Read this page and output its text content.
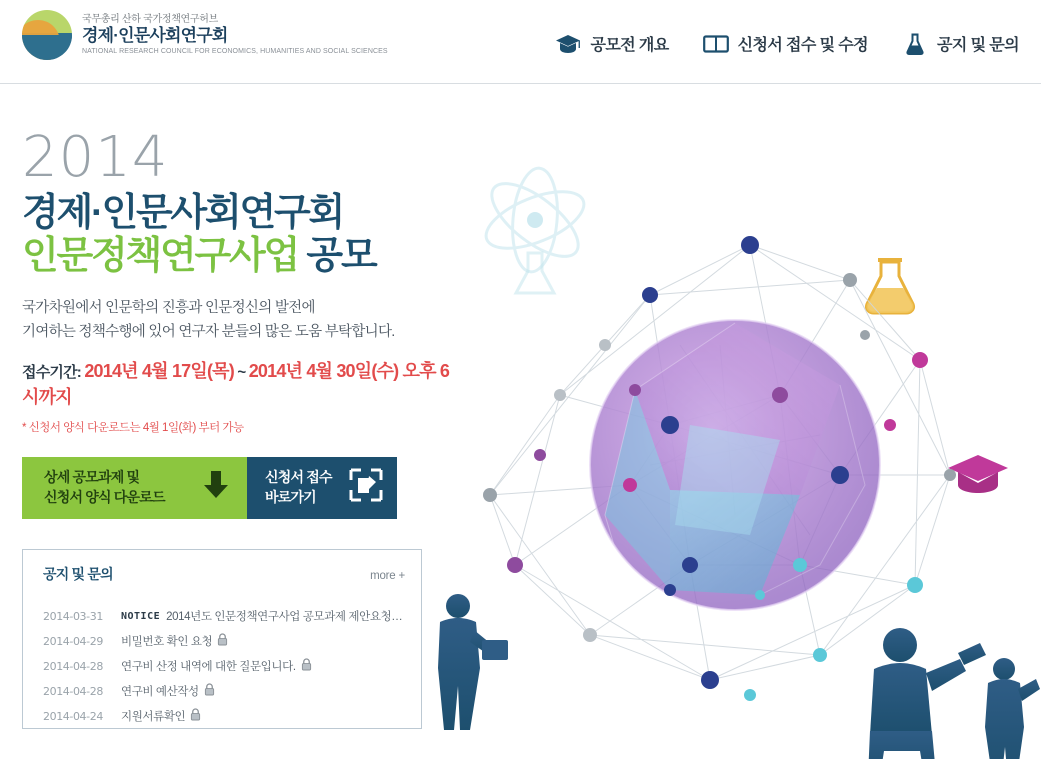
국무총리 산하 국가정책연구허브
경제·인문사회연구회
NATIONAL RESEARCH COUNCIL FOR ECONOMICS, HUMANITIES AND SOCIAL SCIENCES	공모전 개요	신청서 접수 및 수정	공지 및 문의
2014
경제·인문사회연구회
인문정책연구사업 공모
국가차원에서 인문학의 진흥과 인문정신의 발전에
기여하는 정책수행에 있어 연구자 분들의 많은 도움 부탁합니다.
접수기간: 2014년 4월 17일(목) ~ 2014년 4월 30일(수) 오후 6시까지
* 신청서 양식 다운로드는 4월 1일(화) 부터 가능
상세 공모과제 및
신청서 양식 다운로드
신청서 접수
바로가기
공지 및 문의	more +
2014-03-31	NOTICE 2014년도 인문정책연구사업 공모과제 제안요청…
2014-04-29	비밀번호 확인 요청
2014-04-28	연구비 산정 내역에 대한 질문입니다.
2014-04-28	연구비 예산작성
2014-04-24	지원서류확인
